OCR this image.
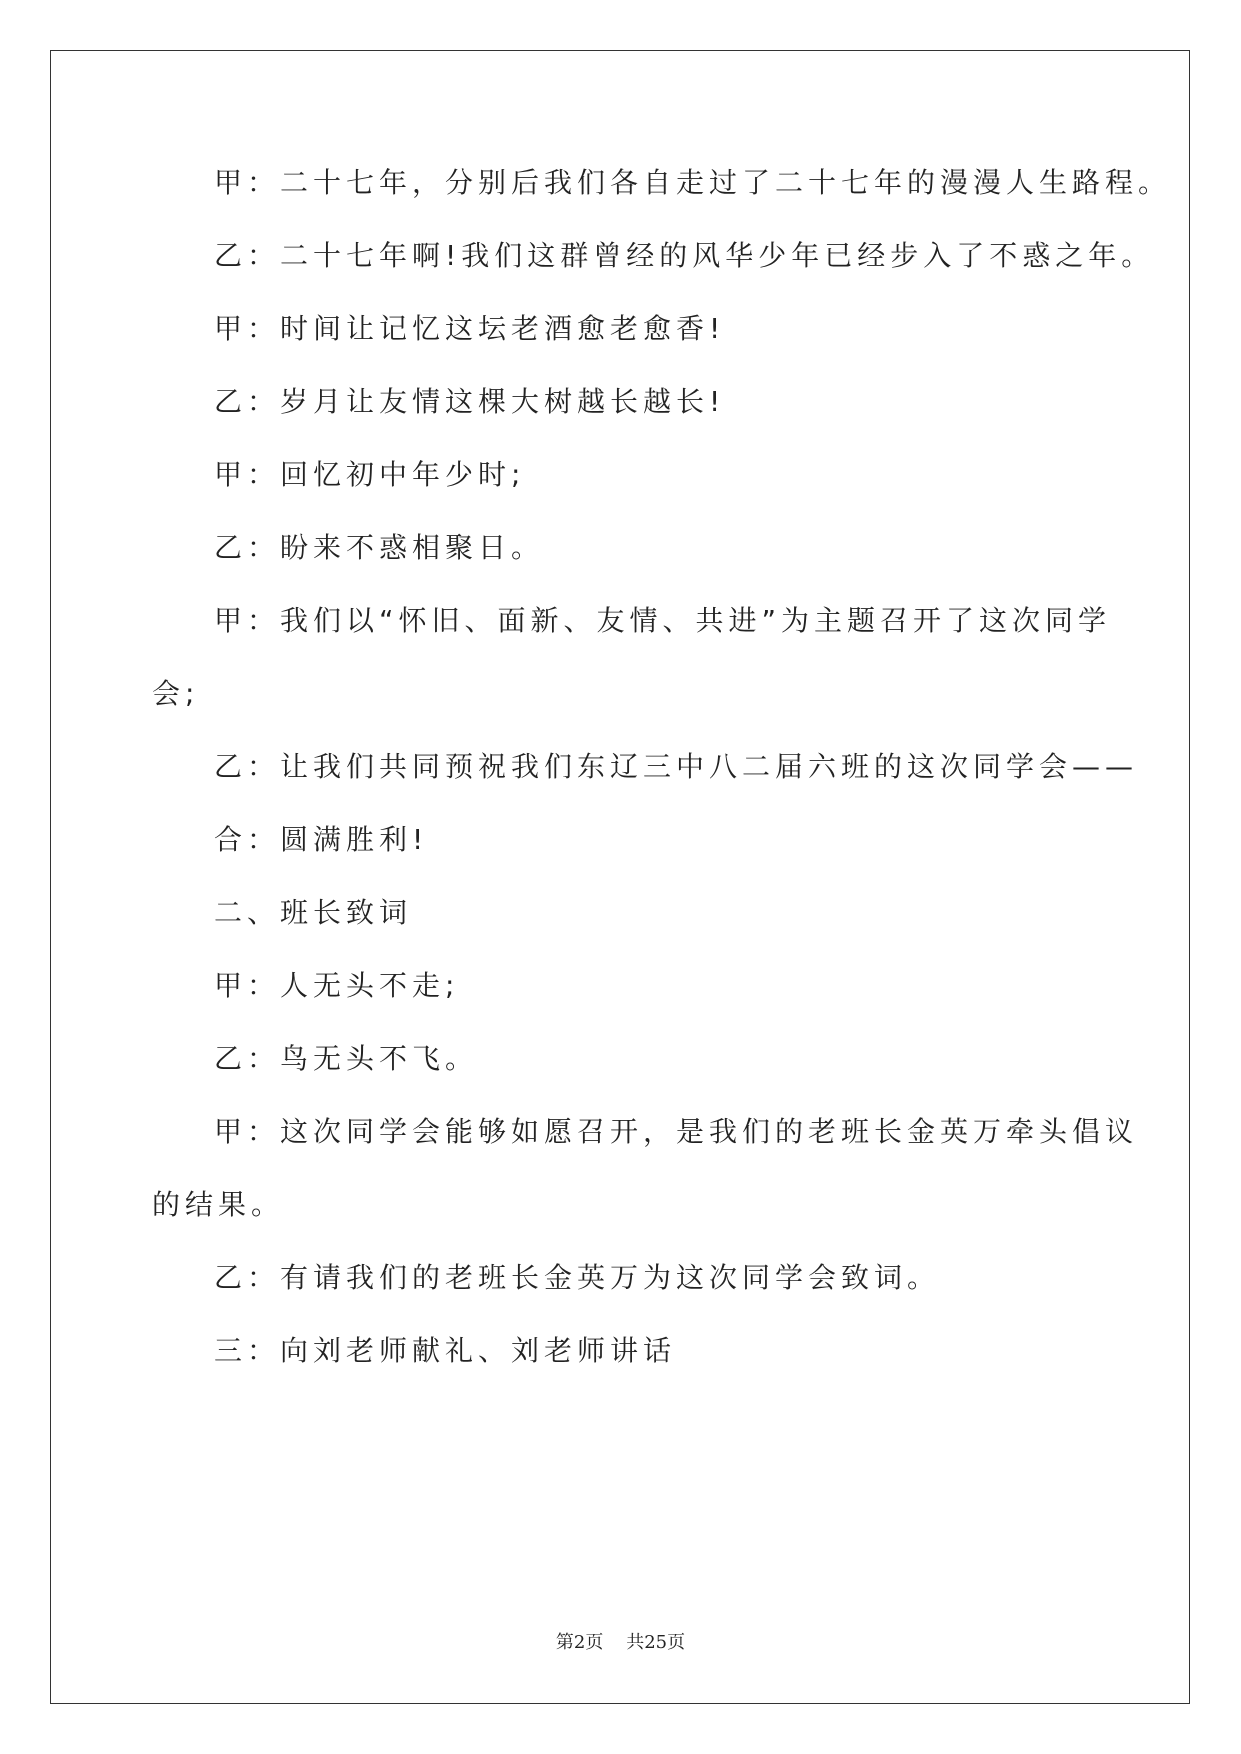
甲：二十七年，分别后我们各自走过了二十七年的漫漫人生路程。
乙：二十七年啊!我们这群曾经的风华少年已经步入了不惑之年。
甲：时间让记忆这坛老酒愈老愈香!
乙：岁月让友情这棵大树越长越长!
甲：回忆初中年少时;
乙：盼来不惑相聚日。
甲：我们以“怀旧、面新、友情、共进”为主题召开了这次同学
会;
乙：让我们共同预祝我们东辽三中八二届六班的这次同学会——
合：圆满胜利!
二、班长致词
甲：人无头不走;
乙：鸟无头不飞。
甲：这次同学会能够如愿召开，是我们的老班长金英万牵头倡议
的结果。
乙：有请我们的老班长金英万为这次同学会致词。
三：向刘老师献礼、刘老师讲话
第2页    共25页
